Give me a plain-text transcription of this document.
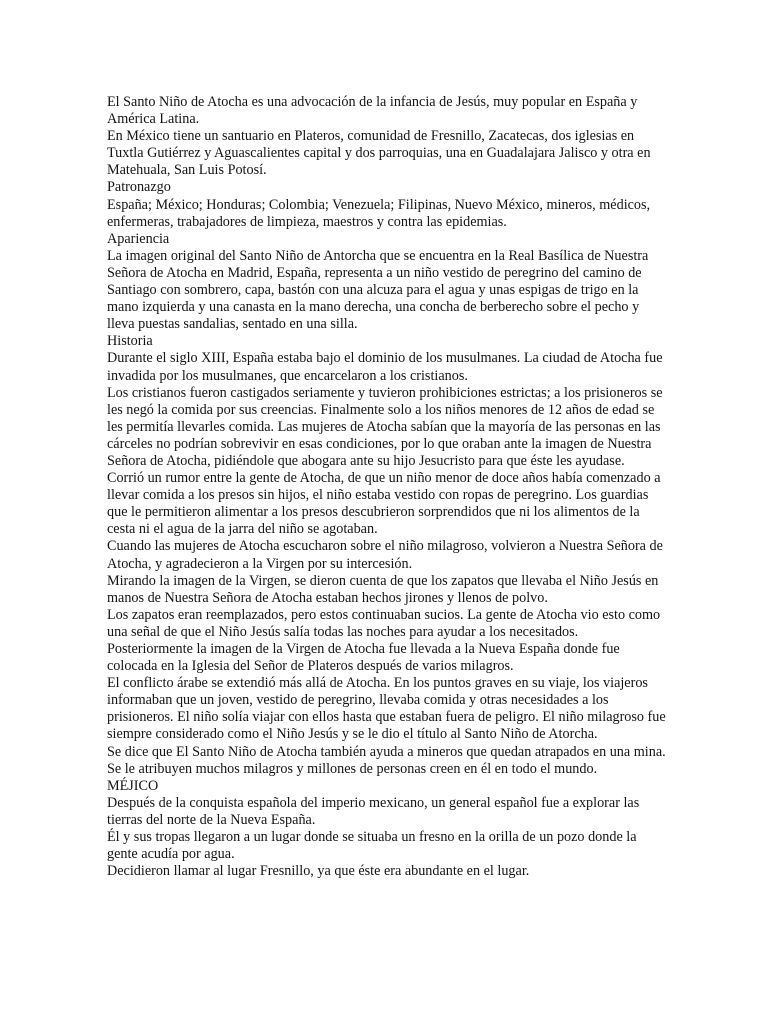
El Santo Niño de Atocha es una advocación de la infancia de Jesús, muy popular en España y América Latina.

En México tiene un santuario en Plateros, comunidad de Fresnillo, Zacatecas, dos iglesias en Tuxtla Gutiérrez y Aguascalientes capital y dos parroquias, una en Guadalajara Jalisco y otra en Matehuala, San Luis Potosí.

Patronazgo

España; México; Honduras; Colombia; Venezuela; Filipinas, Nuevo México, mineros, médicos, enfermeras, trabajadores de limpieza, maestros y contra las epidemias.

Apariencia

La imagen original del Santo Niño de Antorcha que se encuentra en la Real Basílica de Nuestra Señora de Atocha en Madrid, España, representa a un niño vestido de peregrino del camino de Santiago con sombrero, capa, bastón con una alcuza para el agua y unas espigas de trigo en la mano izquierda y una canasta en la mano derecha, una concha de berberecho sobre el pecho y lleva puestas sandalias, sentado en una silla.

Historia

Durante el siglo XIII, España estaba bajo el dominio de los musulmanes. La ciudad de Atocha fue invadida por los musulmanes, que encarcelaron a los cristianos.

Los cristianos fueron castigados seriamente y tuvieron prohibiciones estrictas; a los prisioneros se les negó la comida por sus creencias. Finalmente solo a los niños menores de 12 años de edad se les permitía llevarles comida. Las mujeres de Atocha sabían que la mayoría de las personas en las cárceles no podrían sobrevivir en esas condiciones, por lo que oraban ante la imagen de Nuestra Señora de Atocha, pidiéndole que abogara ante su hijo Jesucristo para que éste les ayudase.

Corrió un rumor entre la gente de Atocha, de que un niño menor de doce años había comenzado a llevar comida a los presos sin hijos, el niño estaba vestido con ropas de peregrino. Los guardias que le permitieron alimentar a los presos descubrieron sorprendidos que ni los alimentos de la cesta ni el agua de la jarra del niño se agotaban.

Cuando las mujeres de Atocha escucharon sobre el niño milagroso, volvieron a Nuestra Señora de Atocha, y agradecieron a la Virgen por su intercesión.

Mirando la imagen de la Virgen, se dieron cuenta de que los zapatos que llevaba el Niño Jesús en manos de Nuestra Señora de Atocha estaban hechos jirones y llenos de polvo.

Los zapatos eran reemplazados, pero estos continuaban sucios. La gente de Atocha vio esto como una señal de que el Niño Jesús salía todas las noches para ayudar a los necesitados.

Posteriormente la imagen de la Virgen de Atocha fue llevada a la Nueva España donde fue colocada en la Iglesia del Señor de Plateros después de varios milagros.

El conflicto árabe se extendió más allá de Atocha. En los puntos graves en su viaje, los viajeros informaban que un joven, vestido de peregrino, llevaba comida y otras necesidades a los prisioneros. El niño solía viajar con ellos hasta que estaban fuera de peligro. El niño milagroso fue siempre considerado como el Niño Jesús y se le dio el título al Santo Niño de Atorcha.

Se dice que El Santo Niño de Atocha también ayuda a mineros que quedan atrapados en una mina. Se le atribuyen muchos milagros y millones de personas creen en él en todo el mundo.

MÉJICO

Después de la conquista española del imperio mexicano, un general español fue a explorar las tierras del norte de la Nueva España.

Él y sus tropas llegaron a un lugar donde se situaba un fresno en la orilla de un pozo donde la gente acudía por agua.

Decidieron llamar al lugar Fresnillo, ya que éste era abundante en el lugar.
